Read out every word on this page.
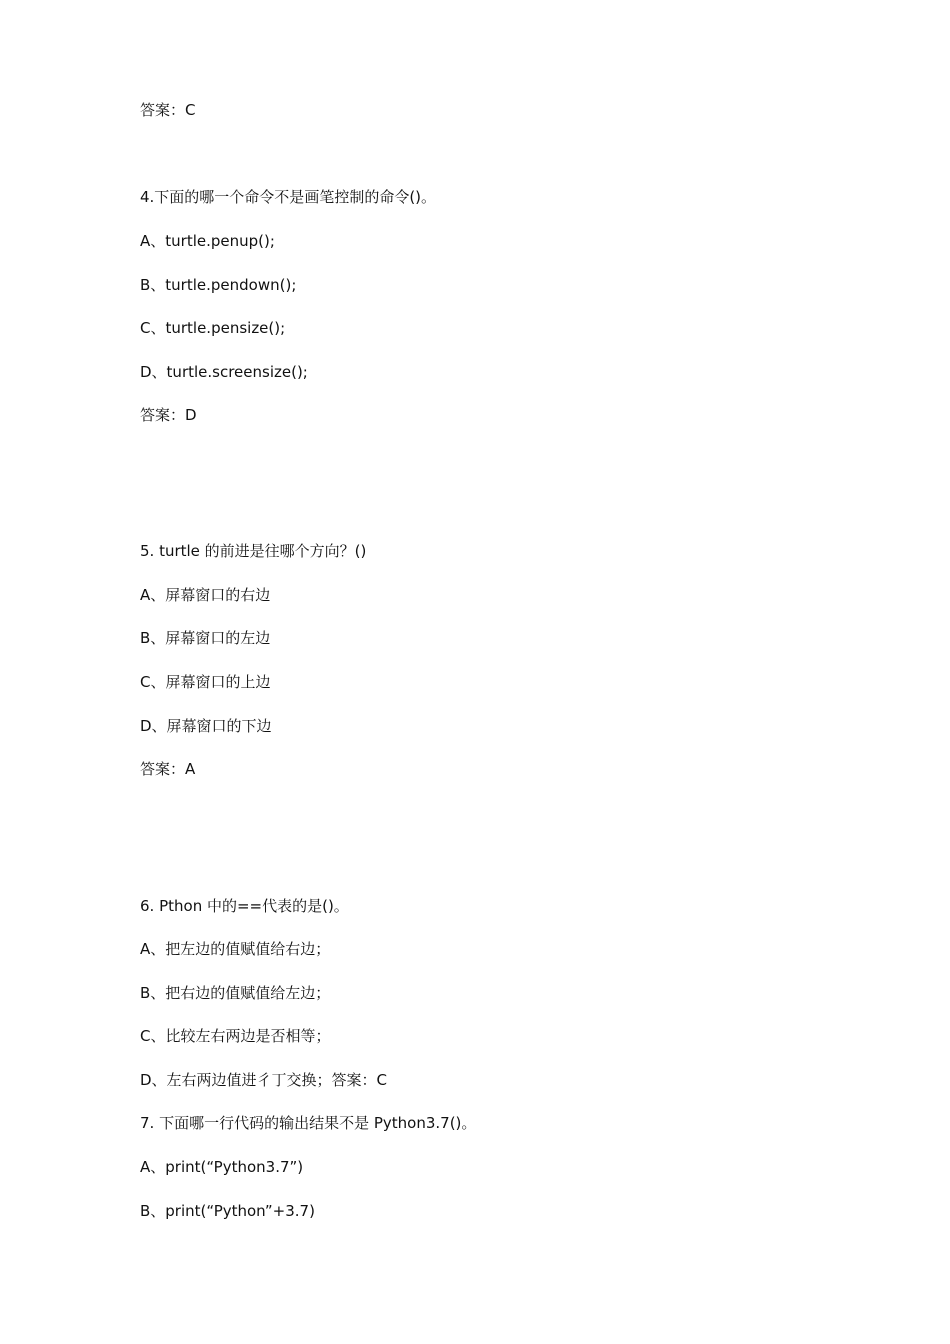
答案：C
4.下面的哪一个命令不是画笔控制的命令()。
A、turtle.penup();
B、turtle.pendown();
C、turtle.pensize();
D、turtle.screensize();
答案：D
5. turtle 的前进是往哪个方向？()
A、屏幕窗口的右边
B、屏幕窗口的左边
C、屏幕窗口的上边
D、屏幕窗口的下边
答案：A
6. Pthon 中的==代表的是()。
A、把左边的值赋值给右边；
B、把右边的值赋值给左边；
C、比较左右两边是否相等；
D、左右两边值进彳丁交换；答案：C
7. 下面哪一行代码的输出结果不是 Python3.7()。
A、print(“Python3.7”)
B、print(“Python”+3.7)
